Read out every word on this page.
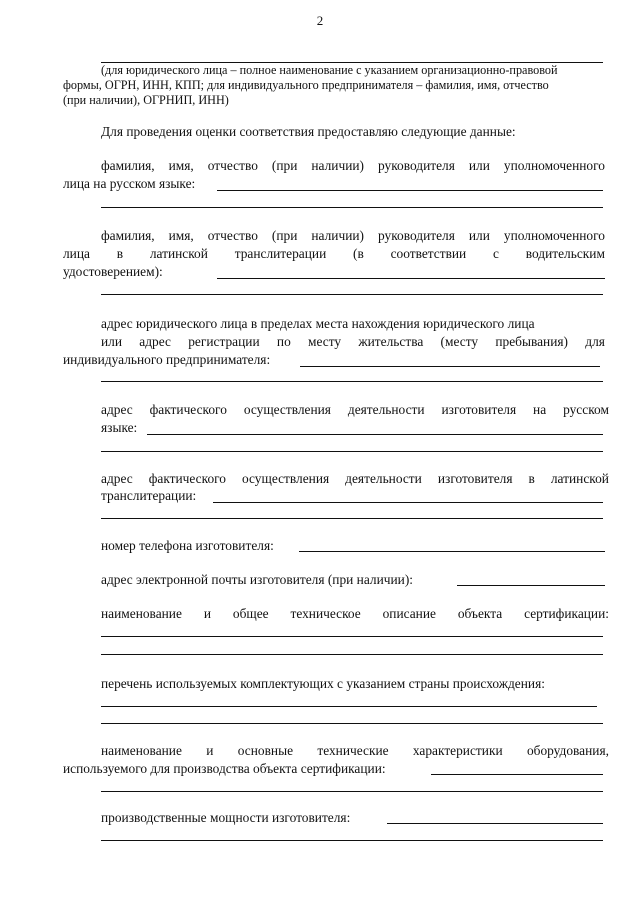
2
(для юридического лица – полное наименование с указанием организационно-правовой
формы, ОГРН, ИНН, КПП; для индивидуального предпринимателя – фамилия, имя, отчество
(при наличии), ОГРНИП, ИНН)
Для проведения оценки соответствия предоставляю следующие данные:
фамилия, имя, отчество (при наличии) руководителя или уполномоченного
лица на русском языке:
фамилия, имя, отчество (при наличии) руководителя или уполномоченного
лица в латинской транслитерации (в соответствии с водительским
удостоверением):
адрес юридического лица в пределах места нахождения юридического лица
или адрес регистрации по месту жительства (месту пребывания) для
индивидуального предпринимателя:
адрес фактического осуществления деятельности изготовителя на русском
языке:
адрес фактического осуществления деятельности изготовителя в латинской
транслитерации:
номер телефона изготовителя:
адрес электронной почты изготовителя (при наличии):
наименование и общее техническое описание объекта сертификации:
перечень используемых комплектующих с указанием страны происхождения:
наименование и основные технические характеристики оборудования,
используемого для производства объекта сертификации:
производственные мощности изготовителя:
